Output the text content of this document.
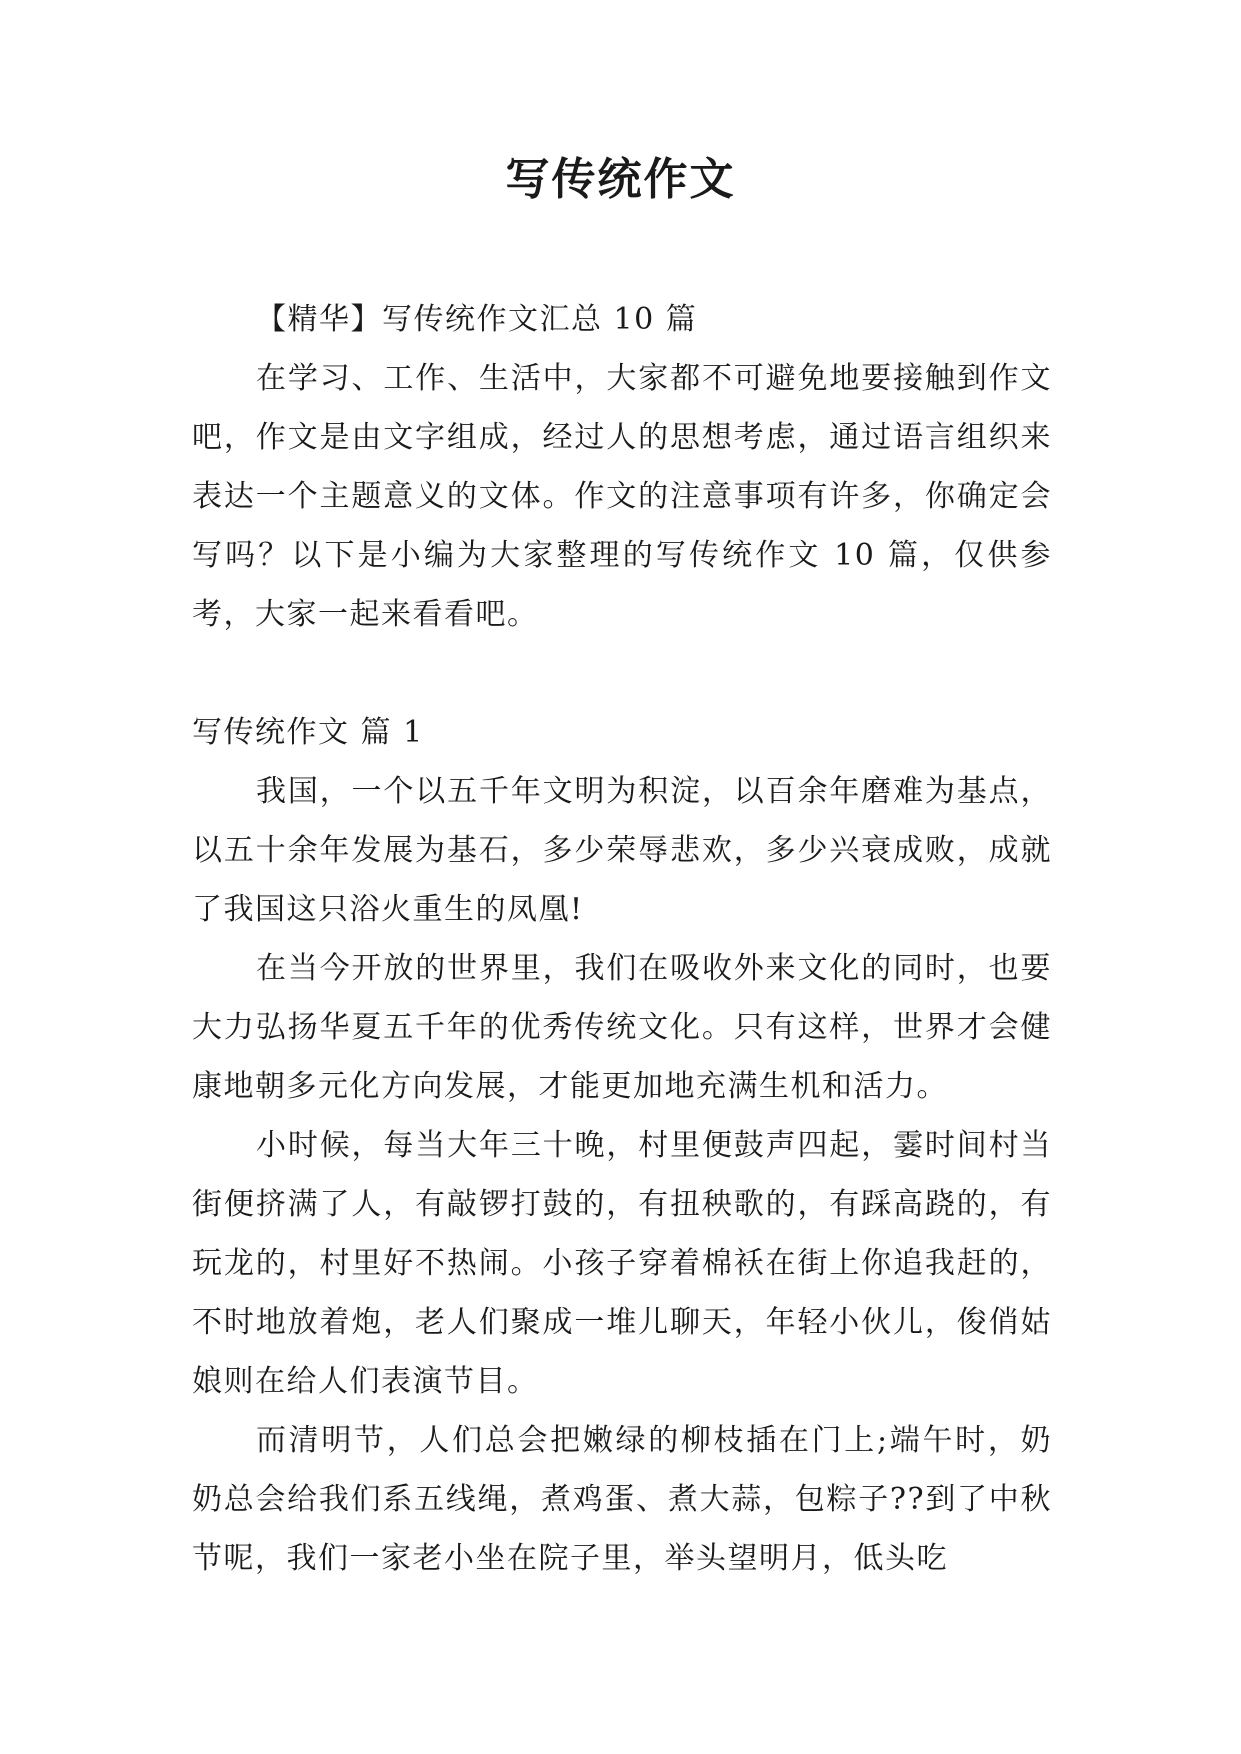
写传统作文

【精华】写传统作文汇总 10 篇

在学习、工作、生活中，大家都不可避免地要接触到作文吧，作文是由文字组成，经过人的思想考虑，通过语言组织来表达一个主题意义的文体。作文的注意事项有许多，你确定会写吗？以下是小编为大家整理的写传统作文 10 篇，仅供参考，大家一起来看看吧。

写传统作文 篇 1

我国，一个以五千年文明为积淀，以百余年磨难为基点，以五十余年发展为基石，多少荣辱悲欢，多少兴衰成败，成就了我国这只浴火重生的凤凰!

在当今开放的世界里，我们在吸收外来文化的同时，也要大力弘扬华夏五千年的优秀传统文化。只有这样，世界才会健康地朝多元化方向发展，才能更加地充满生机和活力。

小时候，每当大年三十晚，村里便鼓声四起，霎时间村当街便挤满了人，有敲锣打鼓的，有扭秧歌的，有踩高跷的，有玩龙的，村里好不热闹。小孩子穿着棉袄在街上你追我赶的，不时地放着炮，老人们聚成一堆儿聊天，年轻小伙儿，俊俏姑娘则在给人们表演节目。

而清明节，人们总会把嫩绿的柳枝插在门上;端午时，奶奶总会给我们系五线绳，煮鸡蛋、煮大蒜，包粽子??到了中秋节呢，我们一家老小坐在院子里，举头望明月，低头吃
